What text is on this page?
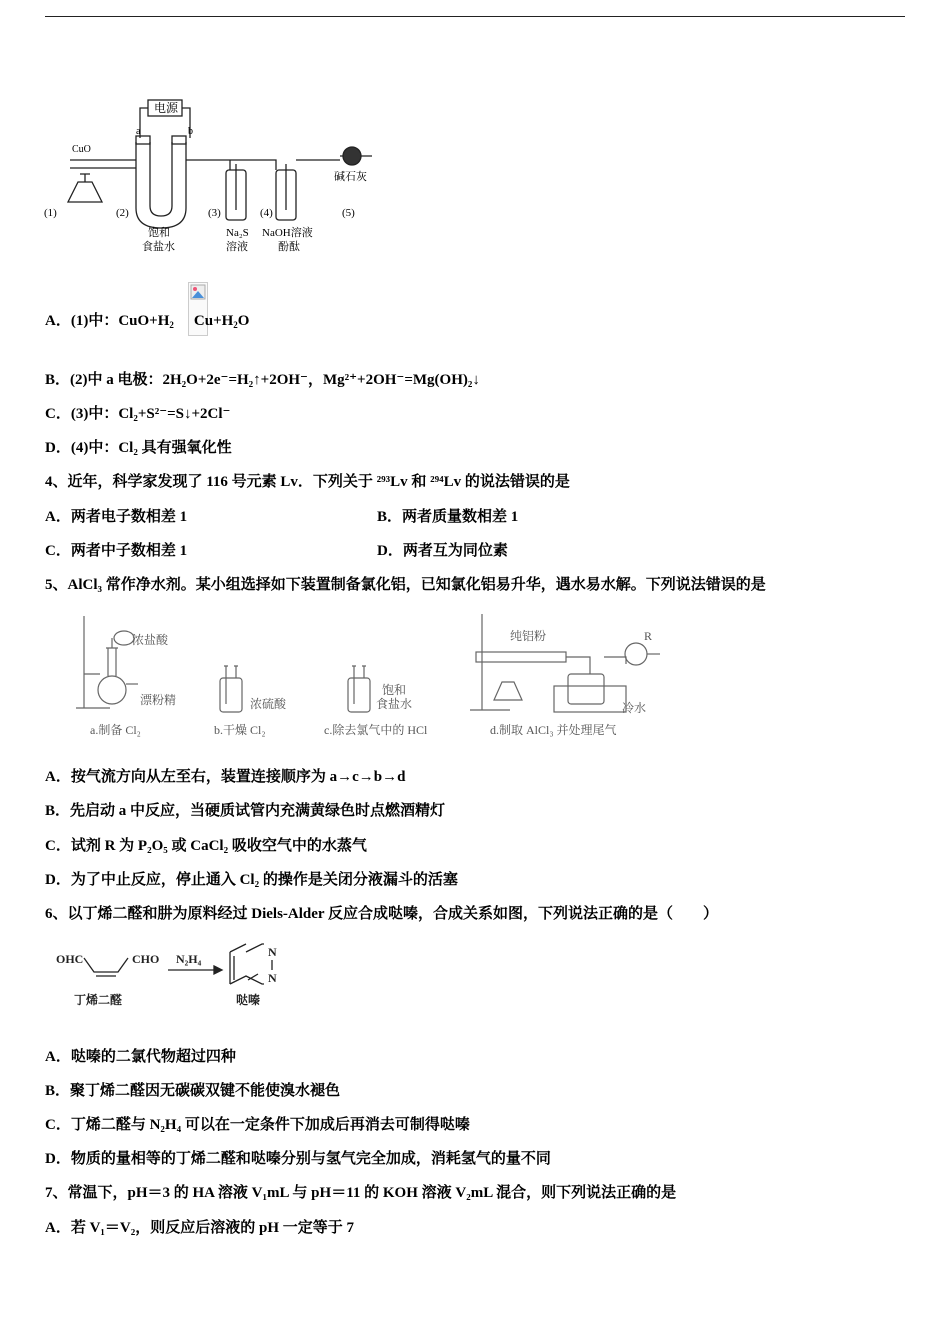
电源
a	b
CuO
碱石灰
(1)	(2)	(3)	(4)	(5)
饱和
食盐水
Na₂S
溶液
NaOH溶液
酚酞
A．(1)中：$CuO+H_2$ $Cu+H_2O$
B．(2)中 a 电极：2H₂O+2e⁻=H₂↑+2OH⁻，Mg²⁺+2OH⁻=Mg(OH)₂↓
C．(3)中：Cl₂+S²⁻=S↓+2Cl⁻
D．(4)中：Cl₂ 具有强氧化性
4、近年，科学家发现了 116 号元素 Lv．下列关于 ²⁹³Lv 和 ²⁹⁴Lv 的说法错误的是
A．两者电子数相差 1	B．两者质量数相差 1
C．两者中子数相差 1	D．两者互为同位素
5、AlCl₃ 常作净水剂。某小组选择如下装置制备氯化铝，已知氯化铝易升华，遇水易水解。下列说法错误的是
浓盐酸
漂粉精
a.制备 Cl₂
浓硫酸
b.干燥 Cl₂
饱和
食盐水
c.除去氯气中的 HCl
纯铝粉	R
冷水
d.制取 AlCl₃ 并处理尾气
A．按气流方向从左至右，装置连接顺序为 a→c→b→d
B．先启动 a 中反应，当硬质试管内充满黄绿色时点燃酒精灯
C．试剂 R 为 P₂O₅ 或 CaCl₂ 吸收空气中的水蒸气
D．为了中止反应，停止通入 Cl₂ 的操作是关闭分液漏斗的活塞
6、以丁烯二醛和肼为原料经过 Diels-Alder 反应合成哒嗪，合成关系如图，下列说法正确的是（　　）
OHC	CHO N₂H₄	N
N
丁烯二醛	哒嗪
A．哒嗪的二氯代物超过四种
B．聚丁烯二醛因无碳碳双键不能使溴水褪色
C．丁烯二醛与 N₂H₄ 可以在一定条件下加成后再消去可制得哒嗪
D．物质的量相等的丁烯二醛和哒嗪分别与氢气完全加成，消耗氢气的量不同
7、常温下，pH＝3 的 HA 溶液 V₁mL 与 pH＝11 的 KOH 溶液 V₂mL 混合，则下列说法正确的是
A．若 V₁＝V₂，则反应后溶液的 pH 一定等于 7
